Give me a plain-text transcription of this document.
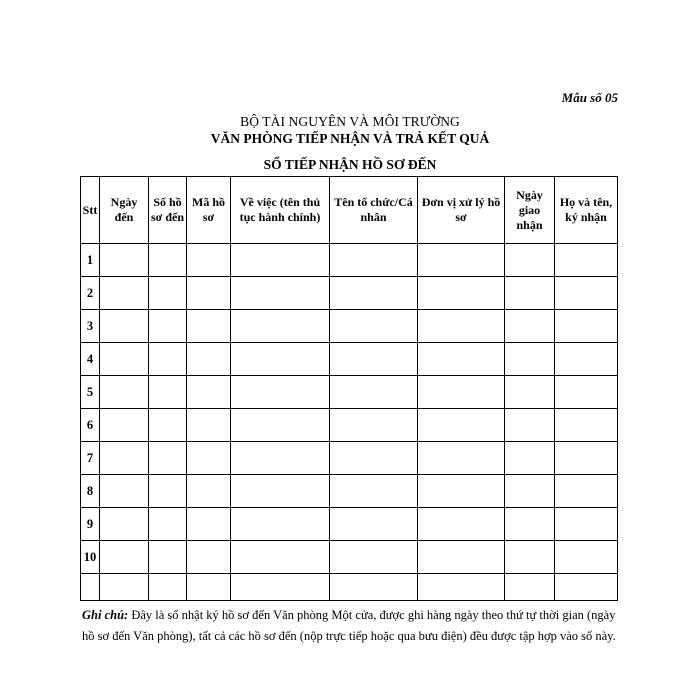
Mẫu số 05
BỘ TÀI NGUYÊN VÀ MÔI TRƯỜNG
VĂN PHÒNG TIẾP NHẬN VÀ TRẢ KẾT QUẢ
SỔ TIẾP NHẬN HỒ SƠ ĐẾN
Stt	Ngày đến	Số hồ sơ đến	Mã hồ sơ	Về việc (tên thủ tục hành chính)	Tên tổ chức/Cá nhân	Đơn vị xử lý hồ sơ	Ngày giao nhận	Họ và tên, ký nhận
1								
2								
3								
4								
5								
6								
7								
8								
9								
10								

Ghi chú: Đây là sổ nhật ký hồ sơ đến Văn phòng Một cửa, được ghi hàng ngày theo thứ tự thời gian (ngày hồ sơ đến Văn phòng), tất cả các hồ sơ đến (nộp trực tiếp hoặc qua bưu điện) đều được tập hợp vào sổ này.
